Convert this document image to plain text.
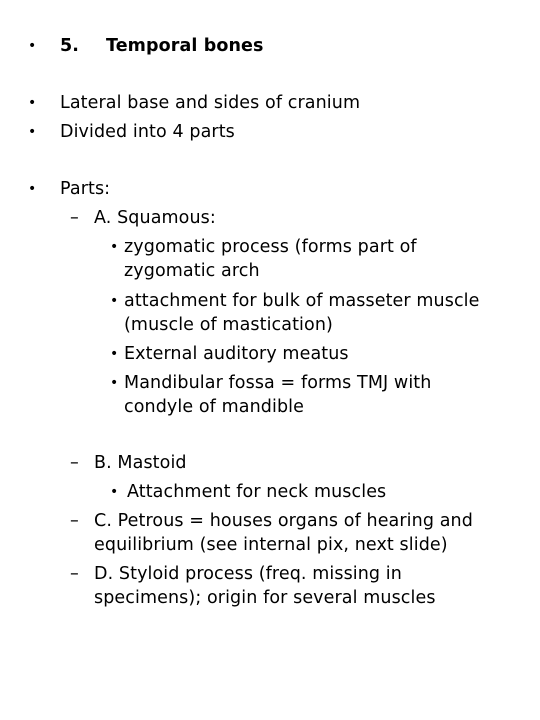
• 5. Temporal bones
• Lateral base and sides of cranium
• Divided into 4 parts
• Parts:
– A. Squamous:
• zygomatic process (forms part of
zygomatic arch
• attachment for bulk of masseter muscle
(muscle of mastication)
• External auditory meatus
• Mandibular fossa = forms TMJ with
condyle of mandible
– B. Mastoid
• Attachment for neck muscles
– C. Petrous = houses organs of hearing and
equilibrium (see internal pix, next slide)
– D. Styloid process (freq. missing in
specimens); origin for several muscles
